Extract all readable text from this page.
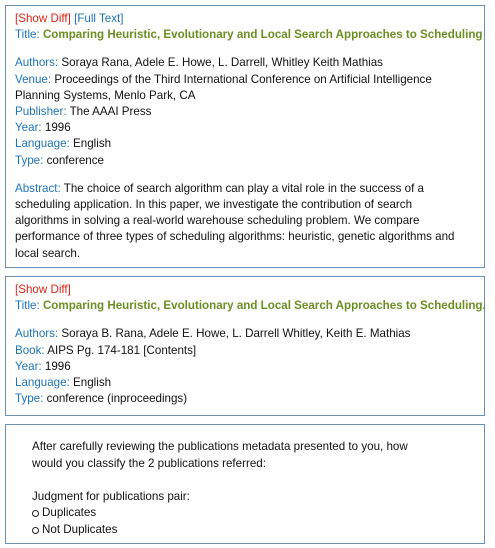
[Show Diff] [Full Text]
Title: Comparing Heuristic, Evolutionary and Local Search Approaches to Scheduling
Authors: Soraya Rana, Adele E. Howe, L. Darrell, Whitley Keith Mathias
Venue: Proceedings of the Third International Conference on Artificial Intelligence
Planning Systems, Menlo Park, CA
Publisher: The AAAI Press
Year: 1996
Language: English
Type: conference
Abstract: The choice of search algorithm can play a vital role in the success of a
scheduling application. In this paper, we investigate the contribution of search
algorithms in solving a real-world warehouse scheduling problem. We compare
performance of three types of scheduling algorithms: heuristic, genetic algorithms and
local search.
[Show Diff]
Title: Comparing Heuristic, Evolutionary and Local Search Approaches to Scheduling.
Authors: Soraya B. Rana, Adele E. Howe, L. Darrell Whitley, Keith E. Mathias
Book: AIPS Pg. 174-181 [Contents]
Year: 1996
Language: English
Type: conference (inproceedings)
After carefully reviewing the publications metadata presented to you, how
would you classify the 2 publications referred:
Judgment for publications pair:
Duplicates
Not Duplicates
